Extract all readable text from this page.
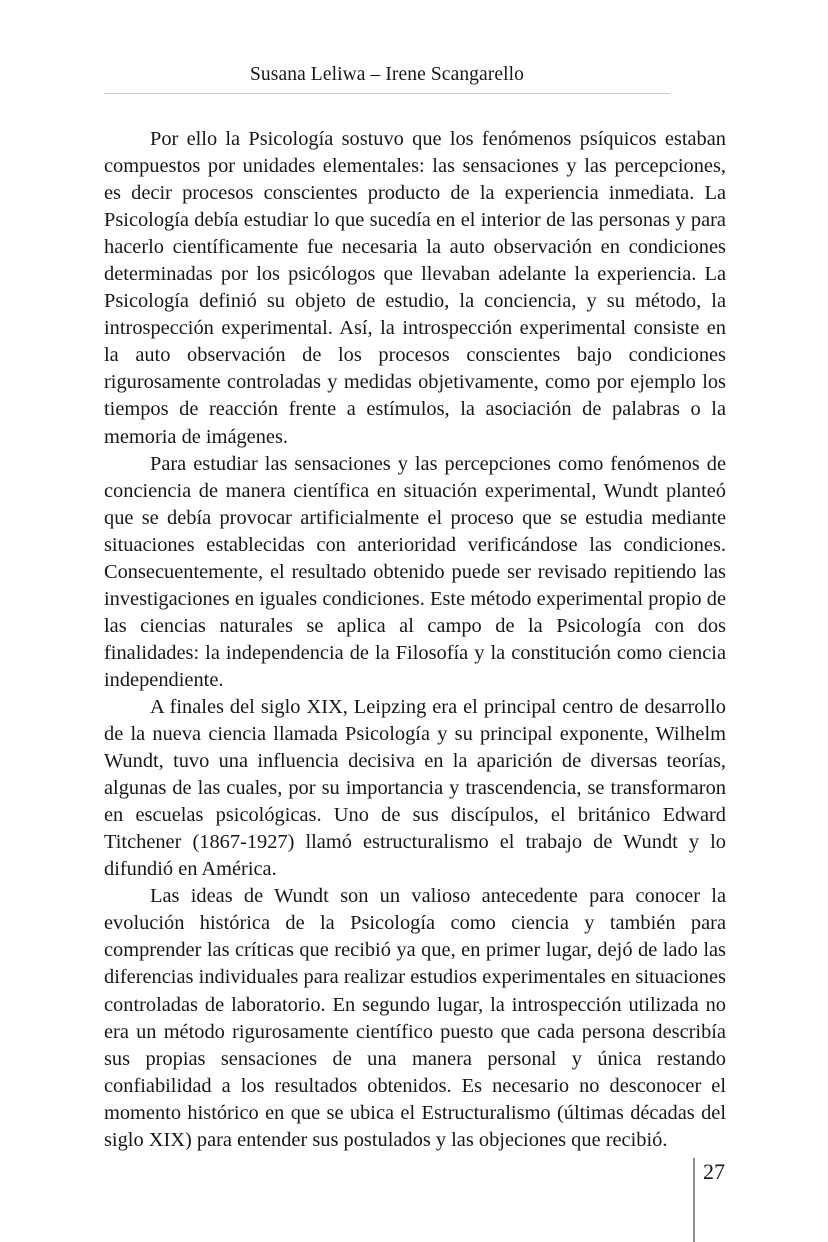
Susana Leliwa – Irene Scangarello

Por ello la Psicología sostuvo que los fenómenos psíquicos estaban compuestos por unidades elementales: las sensaciones y las percepciones, es decir procesos conscientes producto de la experiencia inmediata. La Psicología debía estudiar lo que sucedía en el interior de las personas y para hacerlo científicamente fue necesaria la auto observación en condiciones determinadas por los psicólogos que llevaban adelante la experiencia. La Psicología definió su objeto de estudio, la conciencia, y su método, la introspección experimental. Así, la introspección experimental consiste en la auto observación de los procesos conscientes bajo condiciones rigurosamente controladas y medidas objetivamente, como por ejemplo los tiempos de reacción frente a estímulos, la asociación de palabras o la memoria de imágenes.

Para estudiar las sensaciones y las percepciones como fenómenos de conciencia de manera científica en situación experimental, Wundt planteó que se debía provocar artificialmente el proceso que se estudia mediante situaciones establecidas con anterioridad verificándose las condiciones. Consecuentemente, el resultado obtenido puede ser revisado repitiendo las investigaciones en iguales condiciones. Este método experimental propio de las ciencias naturales se aplica al campo de la Psicología con dos finalidades: la independencia de la Filosofía y la constitución como ciencia independiente.

A finales del siglo XIX, Leipzing era el principal centro de desarrollo de la nueva ciencia llamada Psicología y su principal exponente, Wilhelm Wundt, tuvo una influencia decisiva en la aparición de diversas teorías, algunas de las cuales, por su importancia y trascendencia, se transformaron en escuelas psicológicas. Uno de sus discípulos, el británico Edward Titchener (1867-1927) llamó estructuralismo el trabajo de Wundt y lo difundió en América.

Las ideas de Wundt son un valioso antecedente para conocer la evolución histórica de la Psicología como ciencia y también para comprender las críticas que recibió ya que, en primer lugar, dejó de lado las diferencias individuales para realizar estudios experimentales en situaciones controladas de laboratorio. En segundo lugar, la introspección utilizada no era un método rigurosamente científico puesto que cada persona describía sus propias sensaciones de una manera personal y única restando confiabilidad a los resultados obtenidos. Es necesario no desconocer el momento histórico en que se ubica el Estructuralismo (últimas décadas del siglo XIX) para entender sus postulados y las objeciones que recibió.

27
